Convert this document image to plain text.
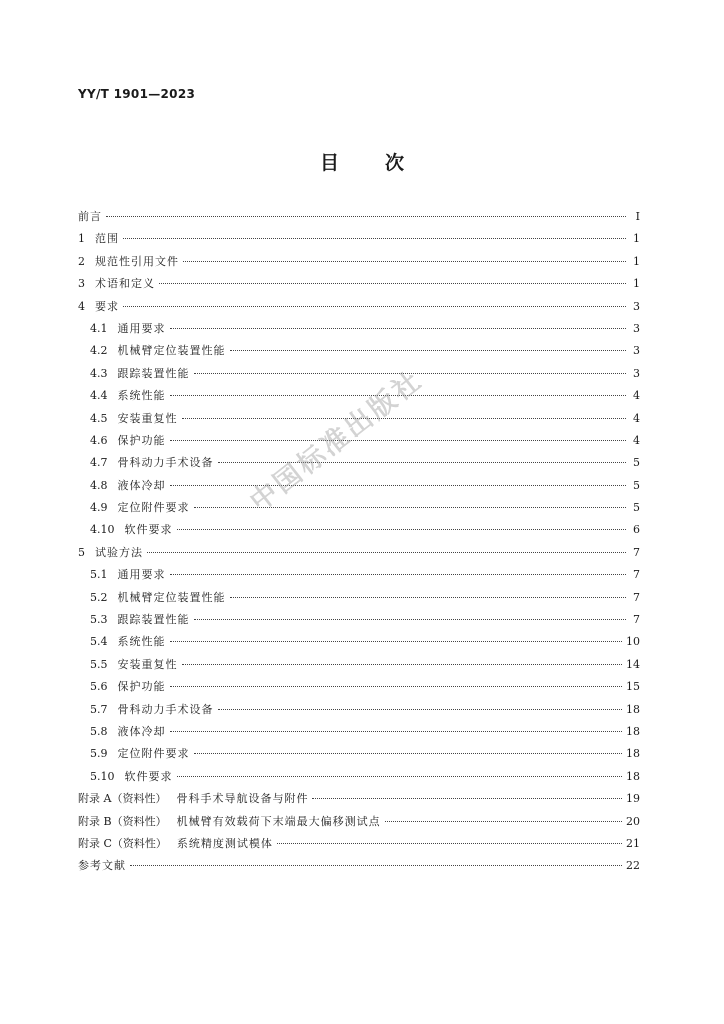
YY/T 1901—2023
目次
前言	Ⅰ
1 范围	1
2 规范性引用文件	1
3 术语和定义	1
4 要求	3
4.1 通用要求	3
4.2 机械臂定位装置性能	3
4.3 跟踪装置性能	3
4.4 系统性能	4
4.5 安装重复性	4
4.6 保护功能	4
4.7 骨科动力手术设备	5
4.8 液体冷却	5
4.9 定位附件要求	5
4.10 软件要求	6
5 试验方法	7
5.1 通用要求	7
5.2 机械臂定位装置性能	7
5.3 跟踪装置性能	7
5.4 系统性能	10
5.5 安装重复性	14
5.6 保护功能	15
5.7 骨科动力手术设备	18
5.8 液体冷却	18
5.9 定位附件要求	18
5.10 软件要求	18
附录 A（资料性） 骨科手术导航设备与附件	19
附录 B（资料性） 机械臂有效载荷下末端最大偏移测试点	20
附录 C（资料性） 系统精度测试模体	21
参考文献	22
中国标准出版社
